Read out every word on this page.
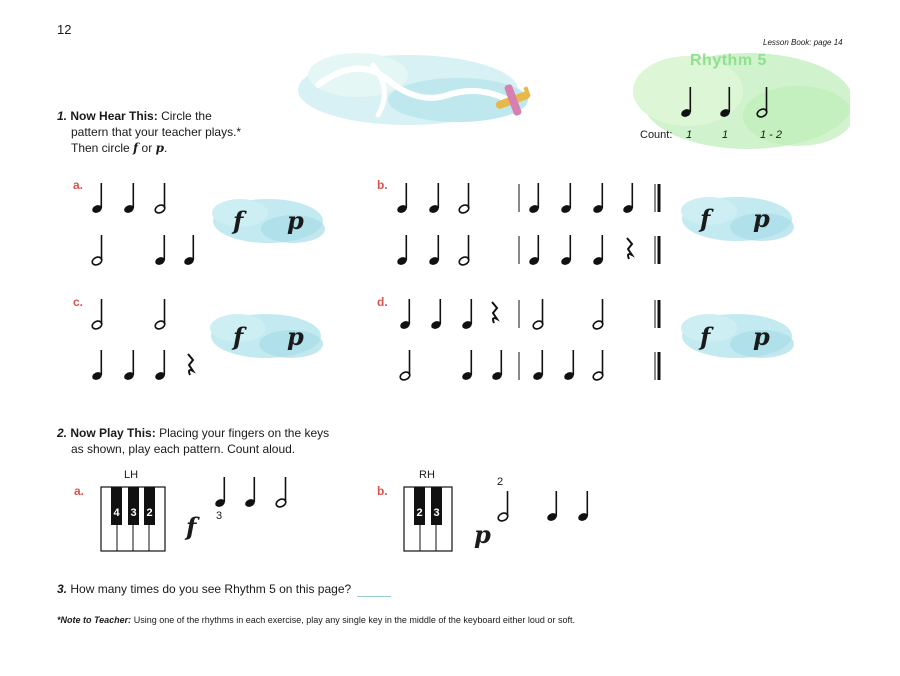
12
Lesson Book: page 14
Rhythm 5
Count: 1	1	1 - 2
1. Now Hear This: Circle the
pattern that your teacher plays.*
Then circle f or p.
a.	b.
c.	d.
f p
f p
f p
f p
2. Now Play This: Placing your fingers on the keys
as shown, play each pattern. Count aloud.
a.	b.
LH	RH
4 3 2	2 3
f 3
p
2
3. How many times do you see Rhythm 5 on this page?
*Note to Teacher: Using one of the rhythms in each exercise, play any single key in the middle of the keyboard either loud or soft.
